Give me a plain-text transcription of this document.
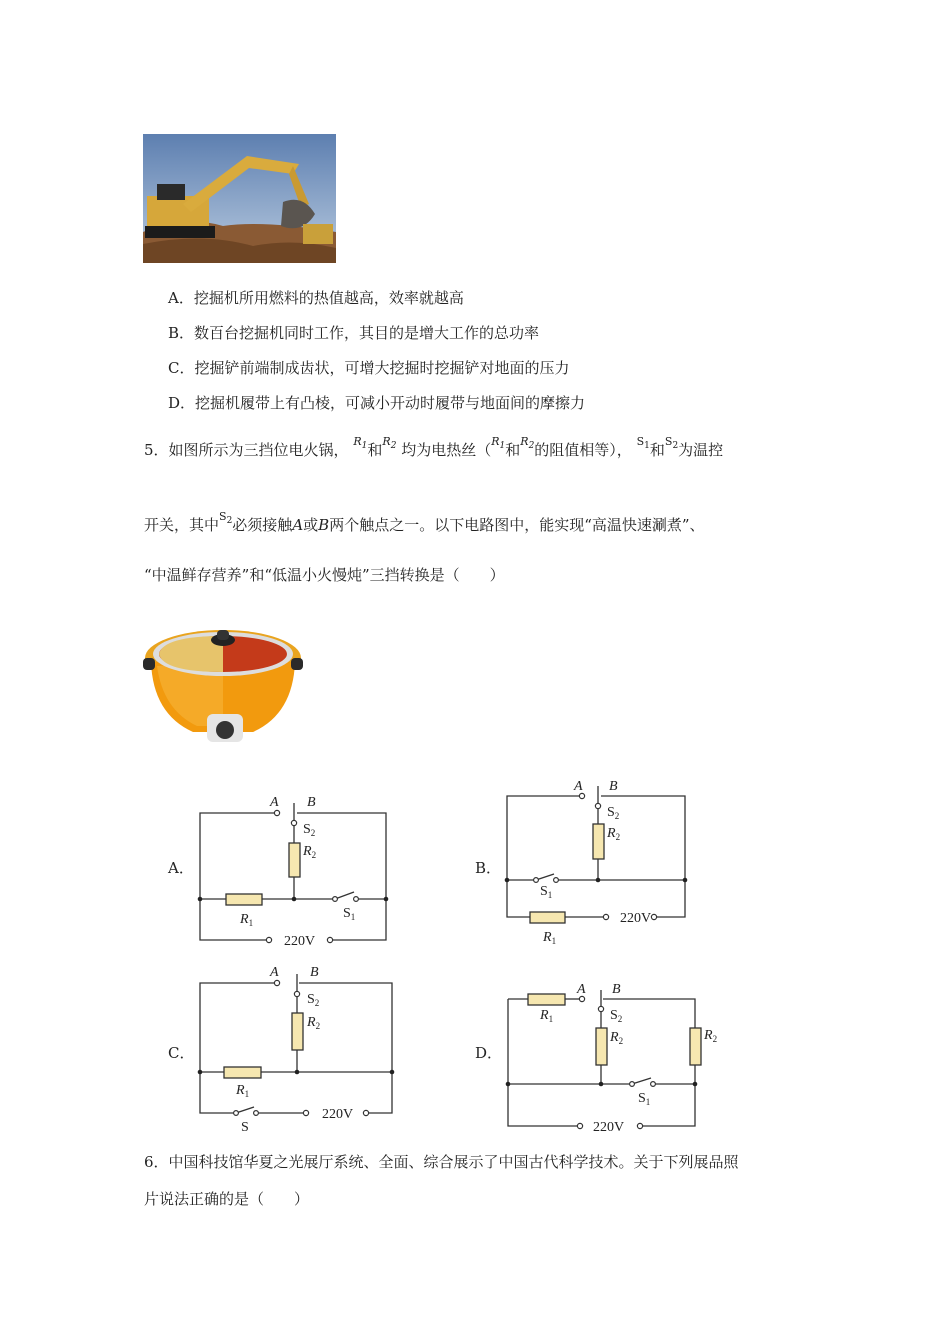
A．挖掘机所用燃料的热值越高，效率就越高
B．数百台挖掘机同时工作，其目的是增大工作的总功率
C．挖掘铲前端制成齿状，可增大挖掘时挖掘铲对地面的压力
D．挖掘机履带上有凸棱，可减小开动时履带与地面间的摩擦力
5．如图所示为三挡位电火锅， $^{R_1}$和$^{R_2}$ 均为电热丝（$^{R_1}$和$^{R_2}$的阻值相等）， $^{S_1}$和$^{S_2}$为温控
开关，其中$^{S_2}$必须接触A或B两个触点之一。以下电路图中，能实现“高温快速涮煮”、
“中温鲜存营养”和“低温小火慢炖”三挡转换是（　　）
A．	B．
C．	D．
A B
$S_2$
$R_2$
$R_1$
$S_1$
220V
A B
$S_2$
$R_2$
$S_1$
$R_1$
220V
A B
$S_2$
$R_2$
$R_1$
S
220V
A B
$S_2$
$R_2$
$R_1$
$R_2$
$S_1$
220V
6．中国科技馆华夏之光展厅系统、全面、综合展示了中国古代科学技术。关于下列展品照
片说法正确的是（　　）
